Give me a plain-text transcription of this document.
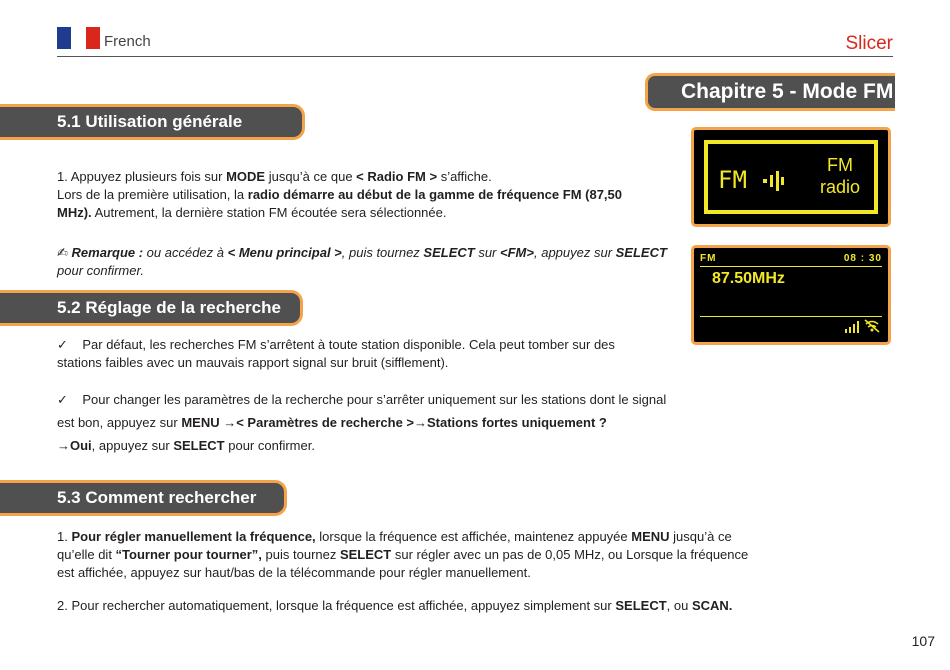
French	Slicer
Chapitre 5 - Mode FM
5.1 Utilisation générale
1. Appuyez plusieurs fois sur MODE jusqu’à ce que < Radio FM > s’affiche.
Lors de la première utilisation, la radio démarre au début de la gamme de fréquence FM (87,50 MHz). Autrement, la dernière station FM écoutée sera sélectionnée.
✍ Remarque : ou accédez à < Menu principal >, puis tournez SELECT sur <FM>, appuyez sur SELECT pour confirmer.
5.2 Réglage de la recherche
✓ Par défaut, les recherches FM s’arrêtent à toute station disponible. Cela peut tomber sur des stations faibles avec un mauvais rapport signal sur bruit (sifflement).
✓ Pour changer les paramètres de la recherche pour s’arrêter uniquement sur les stations dont le signal est bon, appuyez sur MENU →< Paramètres de recherche >→Stations fortes uniquement ?
→Oui, appuyez sur SELECT pour confirmer.
5.3 Comment rechercher
1. Pour régler manuellement la fréquence, lorsque la fréquence est affichée, maintenez appuyée MENU jusqu’à ce qu’elle dit “Tourner pour tourner”, puis tournez SELECT sur régler avec un pas de 0,05 MHz, ou Lorsque la fréquence est affichée, appuyez sur haut/bas de la télécommande pour régler manuellement.
2. Pour rechercher automatiquement, lorsque la fréquence est affichée, appuyez simplement sur SELECT, ou SCAN.
FM
FM
radio
FM	08 : 30
87.50MHz

107
